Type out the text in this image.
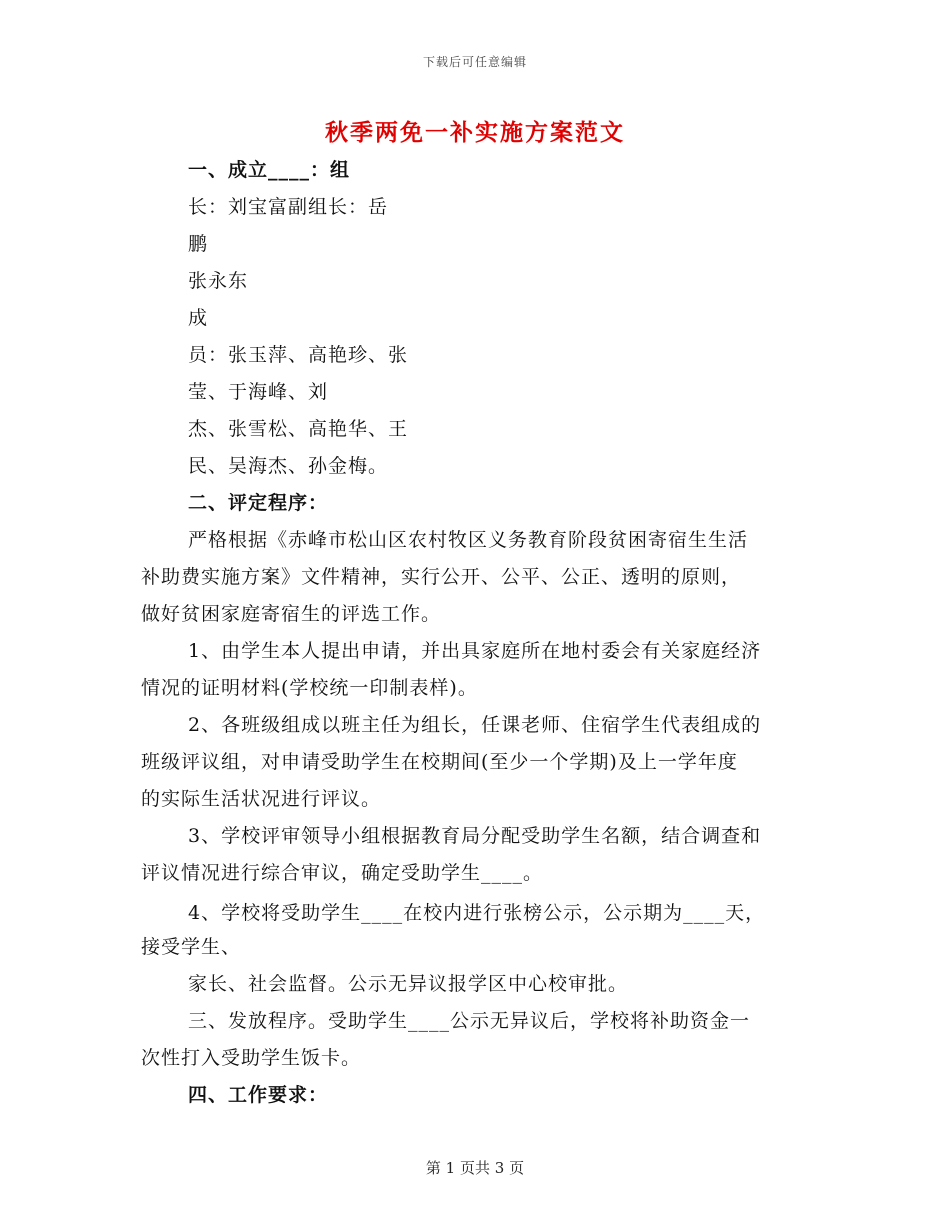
下载后可任意编辑
秋季两免一补实施方案范文
一、成立____：组
长：刘宝富副组长：岳
鹏
张永东
成
员：张玉萍、高艳珍、张
莹、于海峰、刘
杰、张雪松、高艳华、王
民、吴海杰、孙金梅。
二、评定程序：
严格根据《赤峰市松山区农村牧区义务教育阶段贫困寄宿生生活
补助费实施方案》文件精神，实行公开、公平、公正、透明的原则，
做好贫困家庭寄宿生的评选工作。
1、由学生本人提出申请，并出具家庭所在地村委会有关家庭经济
情况的证明材料(学校统一印制表样)。
2、各班级组成以班主任为组长，任课老师、住宿学生代表组成的
班级评议组，对申请受助学生在校期间(至少一个学期)及上一学年度
的实际生活状况进行评议。
3、学校评审领导小组根据教育局分配受助学生名额，结合调查和
评议情况进行综合审议，确定受助学生____。
4、学校将受助学生____在校内进行张榜公示，公示期为____天，
接受学生、
家长、社会监督。公示无异议报学区中心校审批。
三、发放程序。受助学生____公示无异议后，学校将补助资金一
次性打入受助学生饭卡。
四、工作要求：
第 1 页共 3 页
